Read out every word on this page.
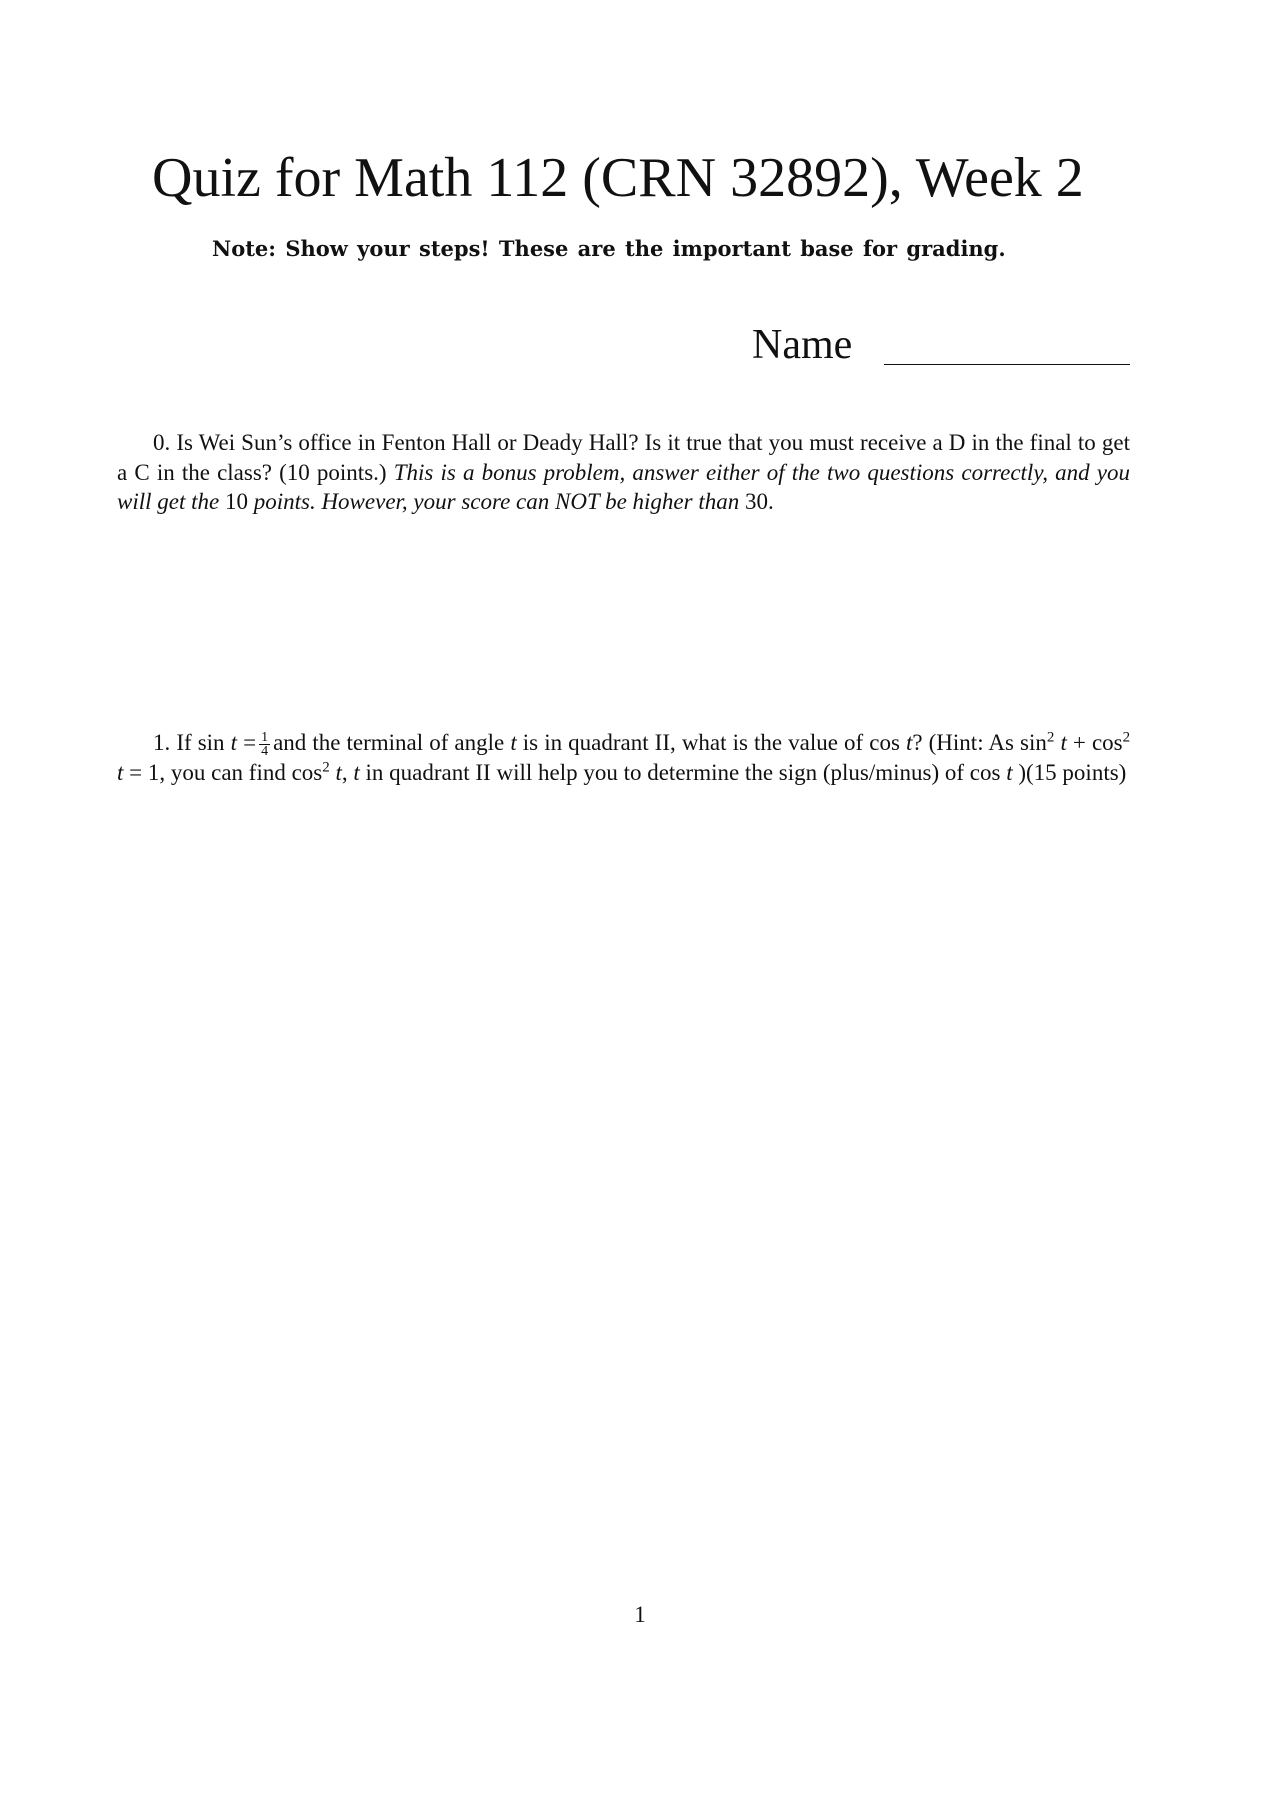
Quiz for Math 112 (CRN 32892), Week 2
Note: Show your steps! These are the important base for grading.
Name

0. Is Wei Sun’s office in Fenton Hall or Deady Hall? Is it true that you must receive a D in the final to get a C in the class? (10 points.) This is a bonus problem, answer either of the two questions correctly, and you will get the 10 points. However, your score can NOT be higher than 30.

1. If $\sin t = \frac{1}{4}$ and the terminal of angle t is in quadrant II, what is the value of cos t? (Hint: As $\sin^2 t + \cos^2 t = 1$, you can find $\cos^2 t$, t in quadrant II will help you to determine the sign (plus/minus) of cos t )(15 points)

1
